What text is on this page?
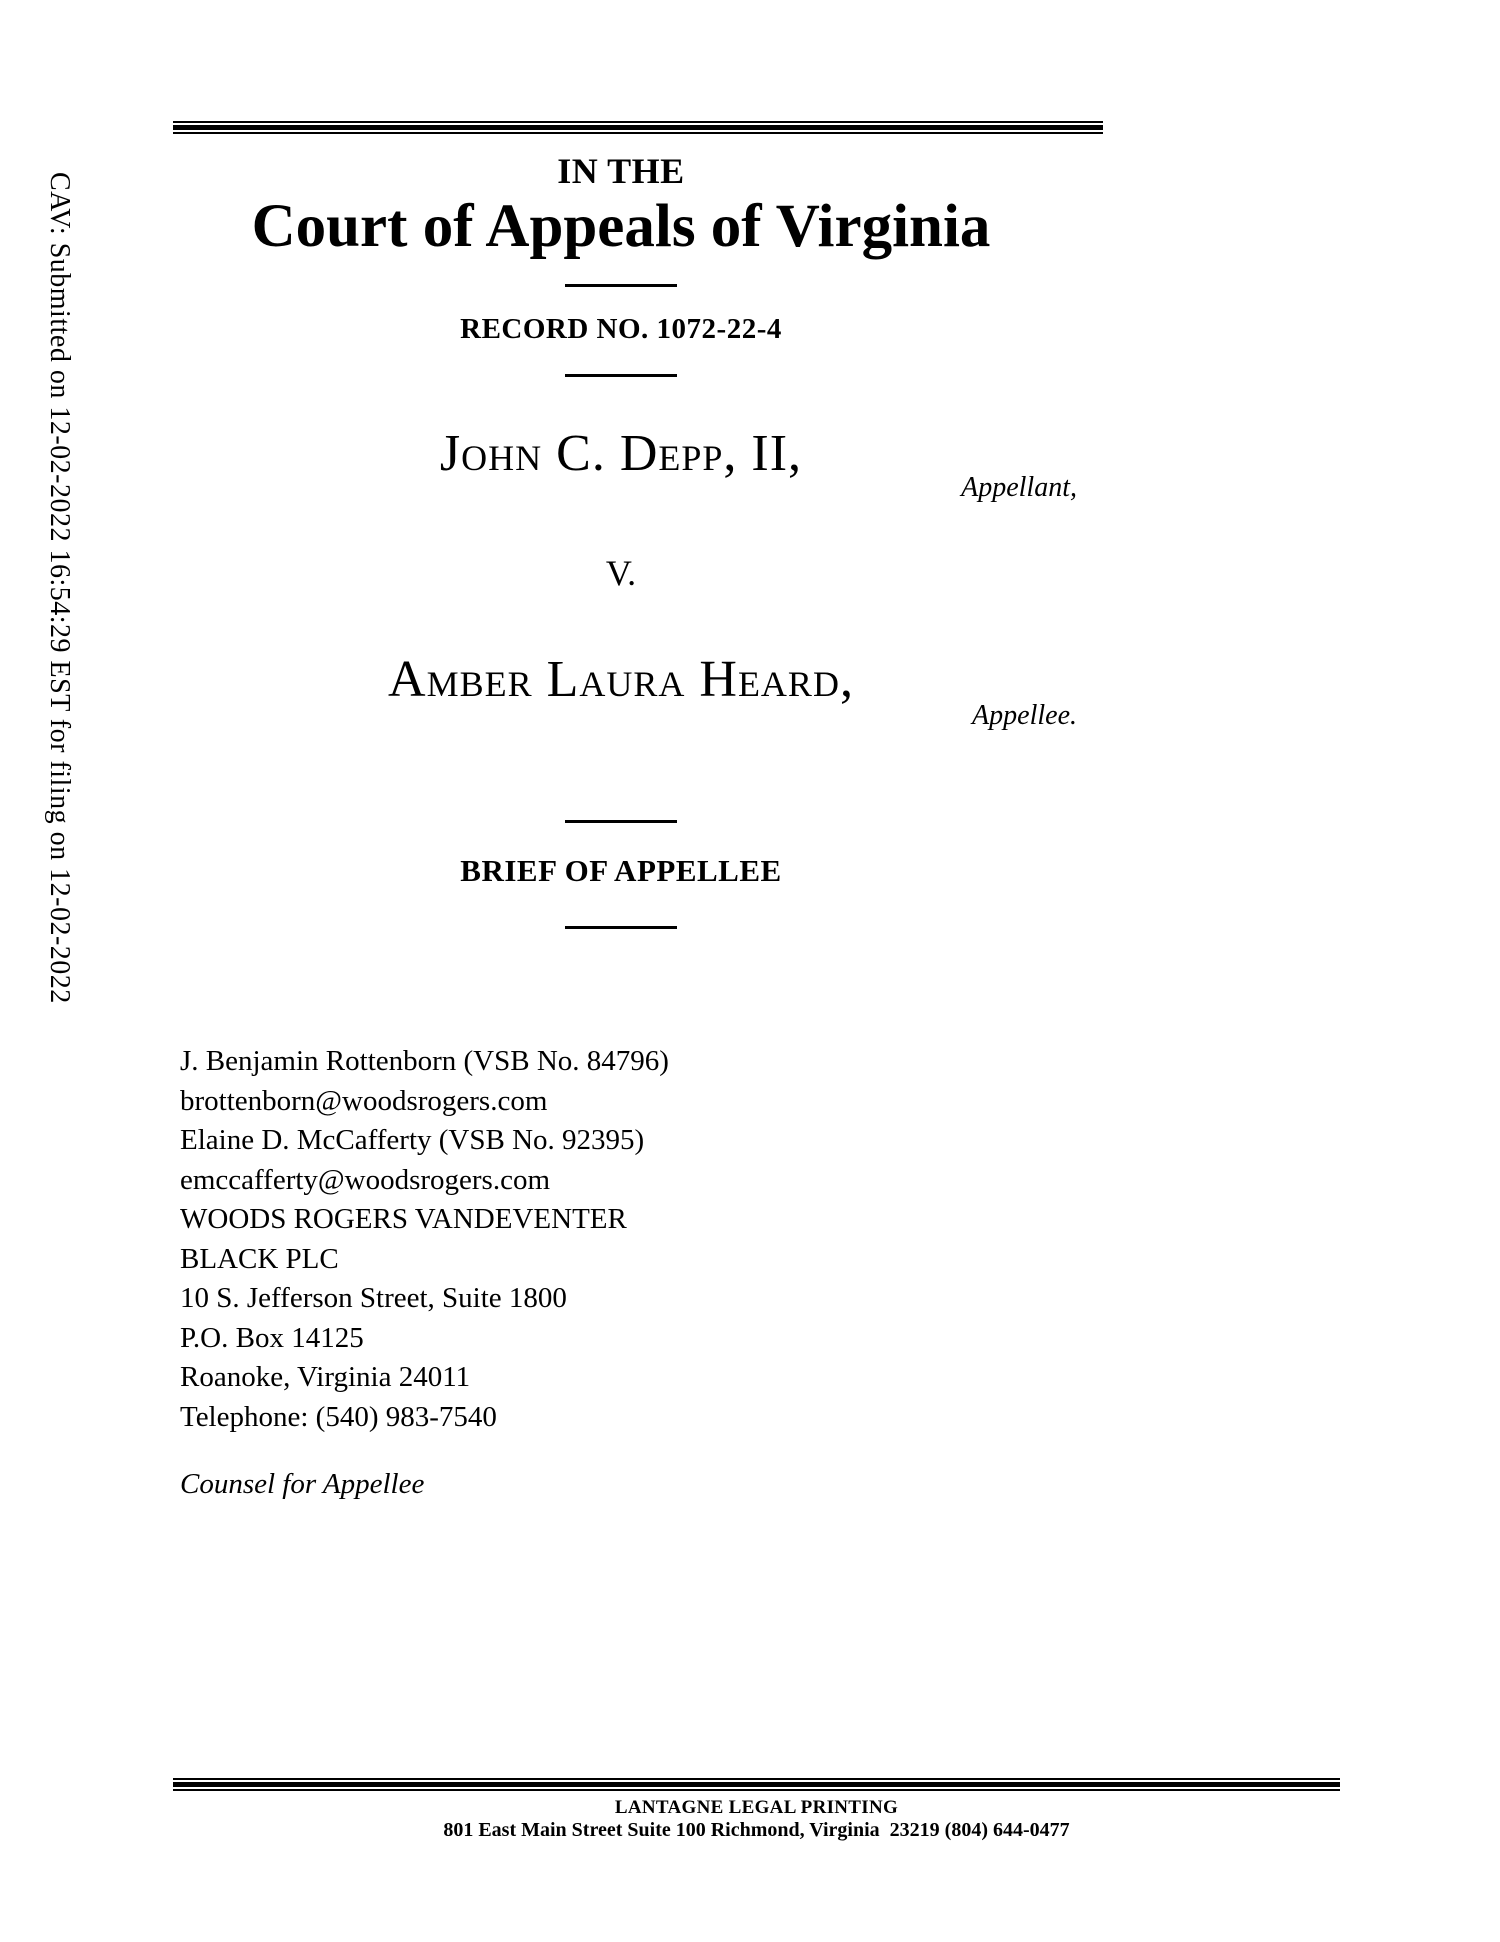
CAV: Submitted on 12-02-2022 16:54:29 EST for filing on 12-02-2022
IN THE
Court of Appeals of Virginia
RECORD NO. 1072-22-4
John C. Depp, II,
Appellant,
V.
Amber Laura Heard,
Appellee.
BRIEF OF APPELLEE
J. Benjamin Rottenborn (VSB No. 84796)
brottenborn@woodsrogers.com
Elaine D. McCafferty (VSB No. 92395)
emccafferty@woodsrogers.com
WOODS ROGERS VANDEVENTER
BLACK PLC
10 S. Jefferson Street, Suite 1800
P.O. Box 14125
Roanoke, Virginia 24011
Telephone: (540) 983-7540
Counsel for Appellee
LANTAGNE LEGAL PRINTING
801 East Main Street Suite 100 Richmond, Virginia  23219 (804) 644-0477
